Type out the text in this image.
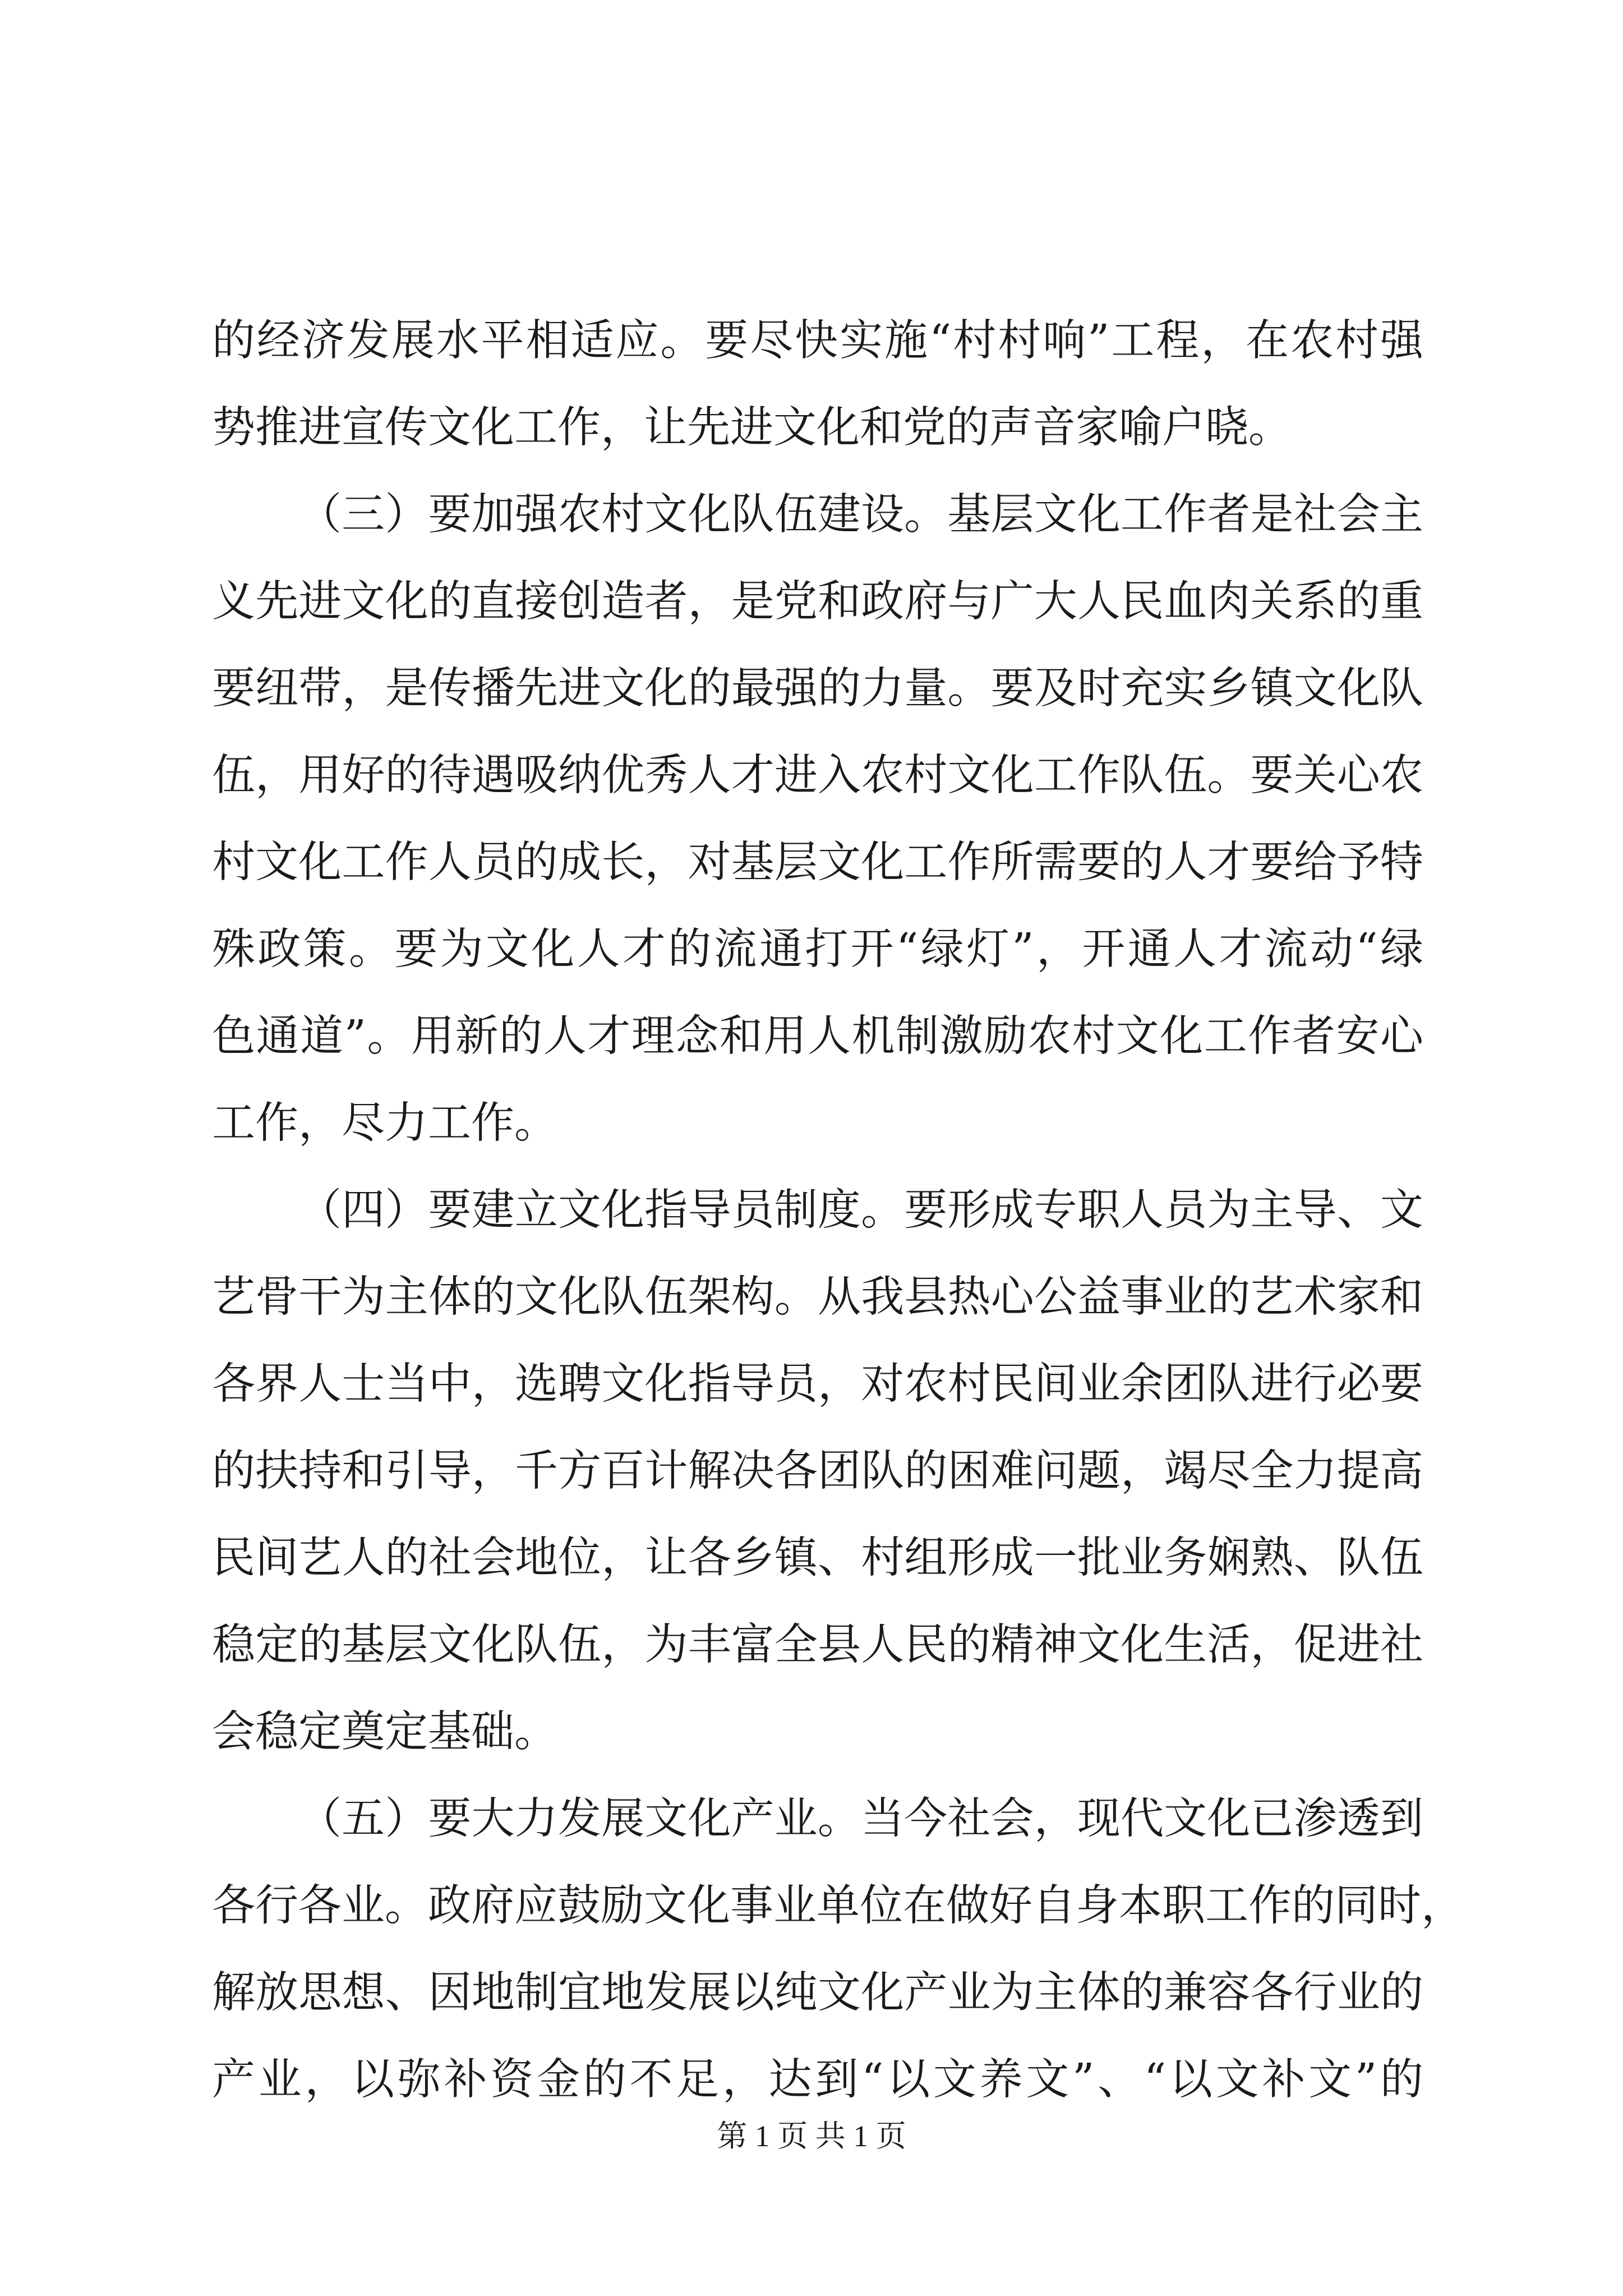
的经济发展水平相适应。要尽快实施“村村响”工程，在农村强
势推进宣传文化工作，让先进文化和党的声音家喻户晓。
（三）要加强农村文化队伍建设。基层文化工作者是社会主
义先进文化的直接创造者，是党和政府与广大人民血肉关系的重
要纽带，是传播先进文化的最强的力量。要及时充实乡镇文化队
伍，用好的待遇吸纳优秀人才进入农村文化工作队伍。要关心农
村文化工作人员的成长，对基层文化工作所需要的人才要给予特
殊政策。要为文化人才的流通打开“绿灯”，开通人才流动“绿
色通道”。用新的人才理念和用人机制激励农村文化工作者安心
工作，尽力工作。
（四）要建立文化指导员制度。要形成专职人员为主导、文
艺骨干为主体的文化队伍架构。从我县热心公益事业的艺术家和
各界人士当中，选聘文化指导员，对农村民间业余团队进行必要
的扶持和引导，千方百计解决各团队的困难问题，竭尽全力提高
民间艺人的社会地位，让各乡镇、村组形成一批业务娴熟、队伍
稳定的基层文化队伍，为丰富全县人民的精神文化生活，促进社
会稳定奠定基础。
（五）要大力发展文化产业。当今社会，现代文化已渗透到
各行各业。政府应鼓励文化事业单位在做好自身本职工作的同时，
解放思想、因地制宜地发展以纯文化产业为主体的兼容各行业的
产业，以弥补资金的不足，达到“以文养文”、“以文补文”的
第 1 页 共 1 页
